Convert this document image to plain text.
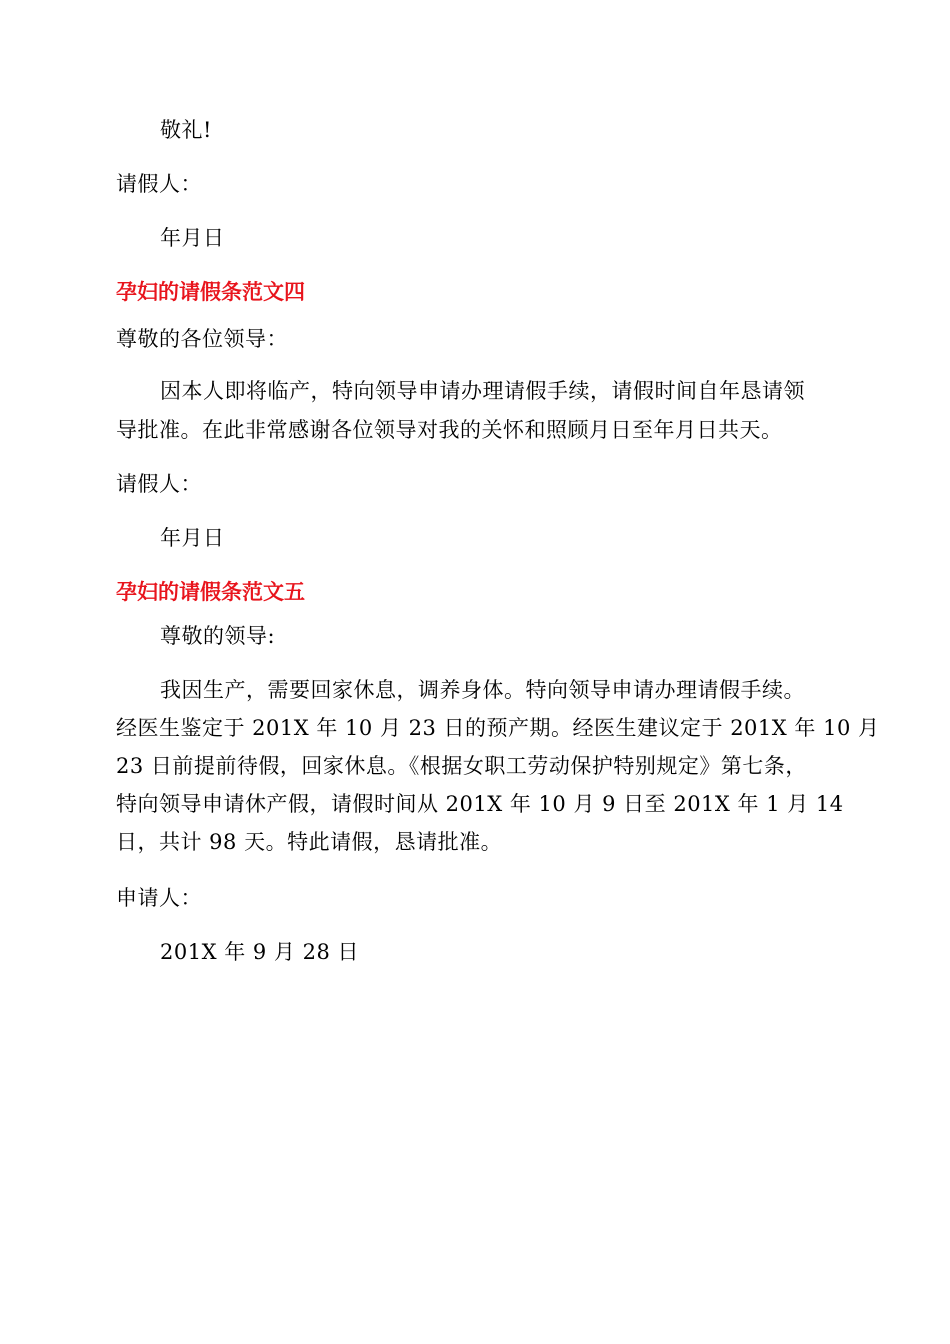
敬礼!
请假人：
年月日
孕妇的请假条范文四
尊敬的各位领导：
因本人即将临产，特向领导申请办理请假手续，请假时间自年恳请领
导批准。在此非常感谢各位领导对我的关怀和照顾月日至年月日共天。
请假人：
年月日
孕妇的请假条范文五
尊敬的领导:
我因生产，需要回家休息，调养身体。特向领导申请办理请假手续。
经医生鉴定于 201X 年 10 月 23 日的预产期。经医生建议定于 201X 年 10 月
23 日前提前待假，回家休息。《根据女职工劳动保护特别规定》第七条，
特向领导申请休产假，请假时间从 201X 年 10 月 9 日至 201X 年 1 月 14
日，共计 98 天。特此请假，恳请批准。
申请人：
201X 年 9 月 28 日
